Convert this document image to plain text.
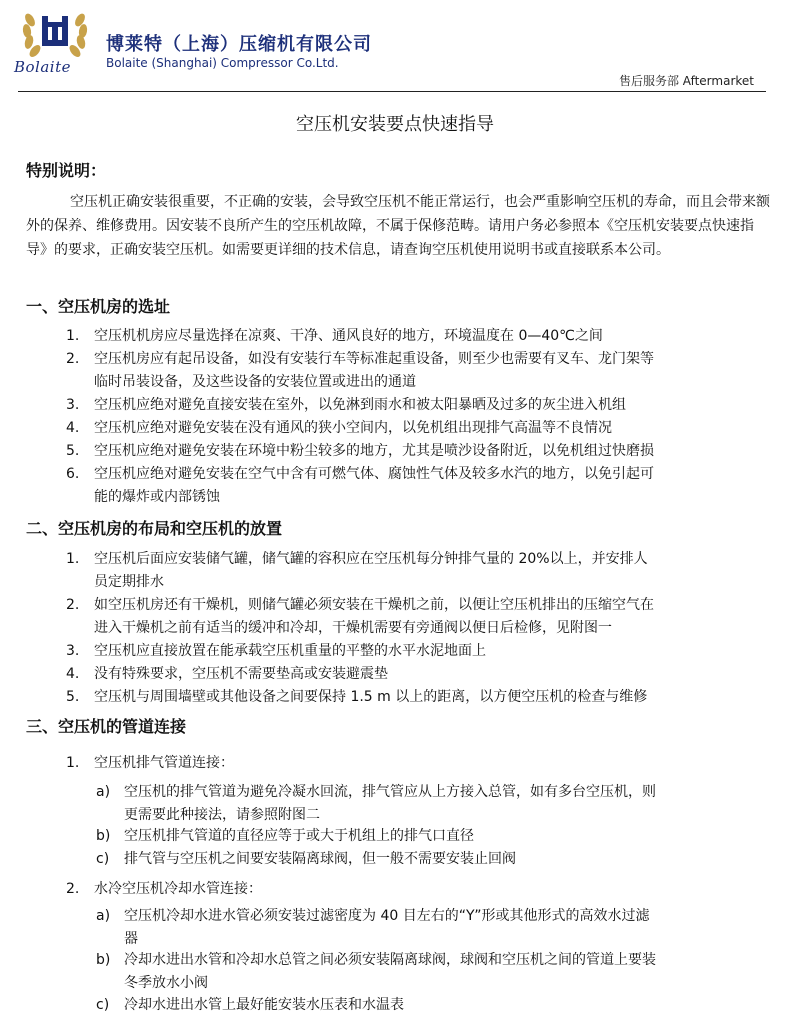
Bolaite
博莱特（上海）压缩机有限公司
Bolaite (Shanghai) Compressor Co.Ltd.
售后服务部 Aftermarket
空压机安装要点快速指导
特别说明：
空压机正确安装很重要，不正确的安装，会导致空压机不能正常运行，也会严重影响空压机的寿命，而且会带来额外的保养、维修费用。因安装不良所产生的空压机故障，不属于保修范畴。请用户务必参照本《空压机安装要点快速指导》的要求，正确安装空压机。如需要更详细的技术信息，请查询空压机使用说明书或直接联系本公司。
一、空压机房的选址
1.	空压机机房应尽量选择在凉爽、干净、通风良好的地方，环境温度在 0—40℃之间
2.	空压机房应有起吊设备，如没有安装行车等标准起重设备，则至少也需要有叉车、龙门架等
临时吊装设备，及这些设备的安装位置或进出的通道
3.	空压机应绝对避免直接安装在室外，以免淋到雨水和被太阳暴晒及过多的灰尘进入机组
4.	空压机应绝对避免安装在没有通风的狭小空间内，以免机组出现排气高温等不良情况
5.	空压机应绝对避免安装在环境中粉尘较多的地方，尤其是喷沙设备附近，以免机组过快磨损
6.	空压机应绝对避免安装在空气中含有可燃气体、腐蚀性气体及较多水汽的地方，以免引起可
能的爆炸或内部锈蚀
二、空压机房的布局和空压机的放置
1.	空压机后面应安装储气罐，储气罐的容积应在空压机每分钟排气量的 20%以上，并安排人
员定期排水
2.	如空压机房还有干燥机，则储气罐必须安装在干燥机之前，以便让空压机排出的压缩空气在
进入干燥机之前有适当的缓冲和冷却，干燥机需要有旁通阀以便日后检修，见附图一
3.	空压机应直接放置在能承载空压机重量的平整的水平水泥地面上
4.	没有特殊要求，空压机不需要垫高或安装避震垫
5.	空压机与周围墙壁或其他设备之间要保持 1.5 m 以上的距离，以方便空压机的检查与维修
三、空压机的管道连接
1.	空压机排气管道连接：
a) 空压机的排气管道为避免冷凝水回流，排气管应从上方接入总管，如有多台空压机，则
更需要此种接法，请参照附图二
b) 空压机排气管道的直径应等于或大于机组上的排气口直径
c)	排气管与空压机之间要安装隔离球阀，但一般不需要安装止回阀
2.	水冷空压机冷却水管连接：
a) 空压机冷却水进水管必须安装过滤密度为 40 目左右的“Y”形或其他形式的高效水过滤
器
b) 冷却水进出水管和冷却水总管之间必须安装隔离球阀，球阀和空压机之间的管道上要装
冬季放水小阀
c)	冷却水进出水管上最好能安装水压表和水温表
